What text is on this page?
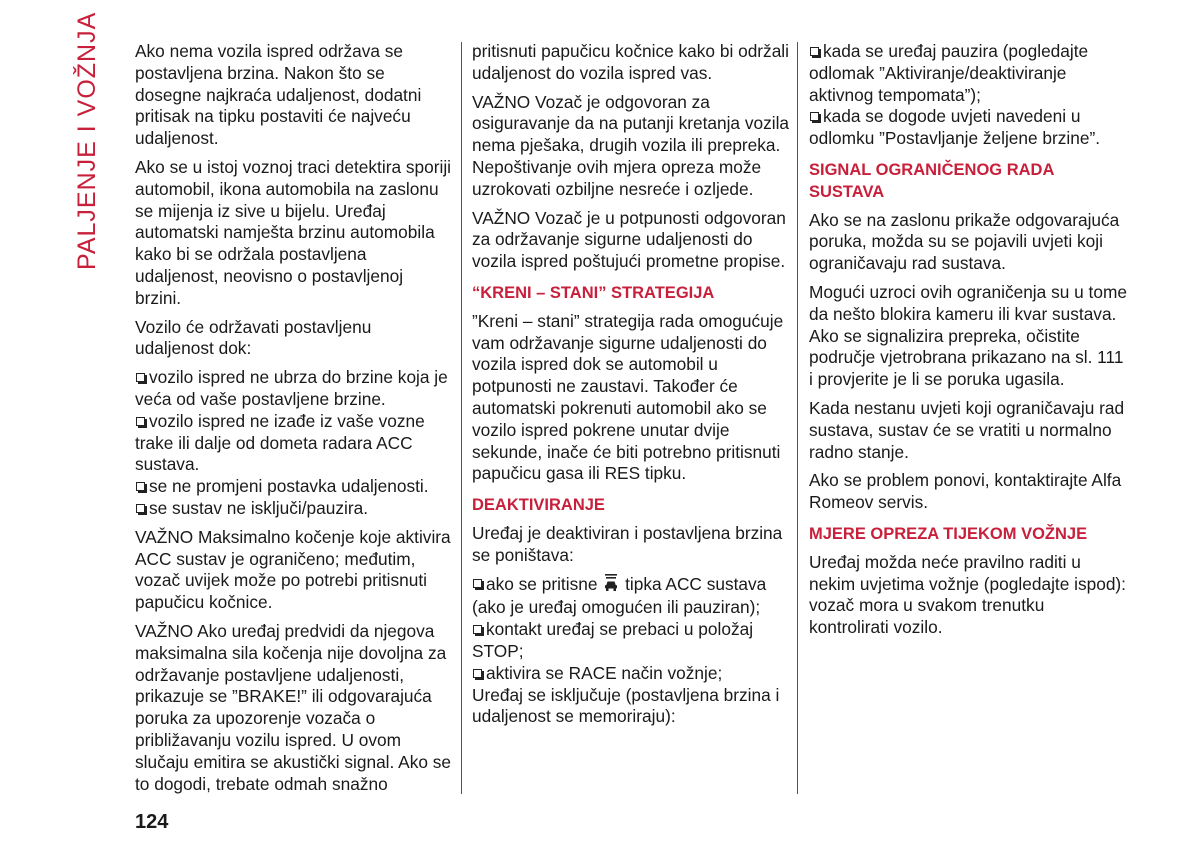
PALJENJE I VOŽNJA Ako nema vozila ispred održava se postavljena brzina. Nakon što se dosegne najkraća udaljenost, dodatni pritisak na tipku postaviti će najveću udaljenost.

Ako se u istoj voznoj traci detektira sporiji automobil, ikona automobila na zaslonu se mijenja iz sive u bijelu. Uređaj automatski namješta brzinu automobila kako bi se održala postavljena udaljenost, neovisno o postavljenoj brzini.

Vozilo će održavati postavljenu udaljenost dok:

vozilo ispred ne ubrza do brzine koja je veća od vaše postavljene brzine.
vozilo ispred ne izađe iz vaše vozne trake ili dalje od dometa radara ACC sustava.
se ne promjeni postavka udaljenosti.
se sustav ne isključi/pauzira.

VAŽNO Maksimalno kočenje koje aktivira ACC sustav je ograničeno; međutim, vozač uvijek može po potrebi pritisnuti papučicu kočnice.

VAŽNO Ako uređaj predvidi da njegova maksimalna sila kočenja nije dovoljna za održavanje postavljene udaljenosti, prikazuje se ”BRAKE!” ili odgovarajuća poruka za upozorenje vozača o približavanju vozilu ispred. U ovom slučaju emitira se akustički signal. Ako se to dogodi, trebate odmah snažno

pritisnuti papučicu kočnice kako bi održali udaljenost do vozila ispred vas.

VAŽNO Vozač je odgovoran za osiguravanje da na putanji kretanja vozila nema pješaka, drugih vozila ili prepreka. Nepoštivanje ovih mjera opreza može uzrokovati ozbiljne nesreće i ozljede.

VAŽNO Vozač je u potpunosti odgovoran za održavanje sigurne udaljenosti do vozila ispred poštujući prometne propise.

“KRENI – STANI” STRATEGIJA

”Kreni – stani” strategija rada omogućuje vam održavanje sigurne udaljenosti do vozila ispred dok se automobil u potpunosti ne zaustavi. Također će automatski pokrenuti automobil ako se vozilo ispred pokrene unutar dvije sekunde, inače će biti potrebno pritisnuti papučicu gasa ili RES tipku.

DEAKTIVIRANJE

Uređaj je deaktiviran i postavljena brzina se poništava:

ako se pritisne tipka ACC sustava (ako je uređaj omogućen ili pauziran);
kontakt uređaj se prebaci u položaj STOP;
aktivira se RACE način vožnje;
Uređaj se isključuje (postavljena brzina i udaljenost se memoriraju):
kada se uređaj pauzira (pogledajte odlomak ”Aktiviranje/deaktiviranje aktivnog tempomata”);
kada se dogode uvjeti navedeni u odlomku ”Postavljanje željene brzine”.
SIGNAL OGRANIČENOG RADA SUSTAVA

Ako se na zaslonu prikaže odgovarajuća poruka, možda su se pojavili uvjeti koji ograničavaju rad sustava.

Mogući uzroci ovih ograničenja su u tome da nešto blokira kameru ili kvar sustava. Ako se signalizira prepreka, očistite područje vjetrobrana prikazano na sl. 111 i provjerite je li se poruka ugasila.

Kada nestanu uvjeti koji ograničavaju rad sustava, sustav će se vratiti u normalno radno stanje.

Ako se problem ponovi, kontaktirajte Alfa Romeov servis.

MJERE OPREZA TIJEKOM VOŽNJE

Uređaj možda neće pravilno raditi u nekim uvjetima vožnje (pogledajte ispod): vozač mora u svakom trenutku kontrolirati vozilo.

124
